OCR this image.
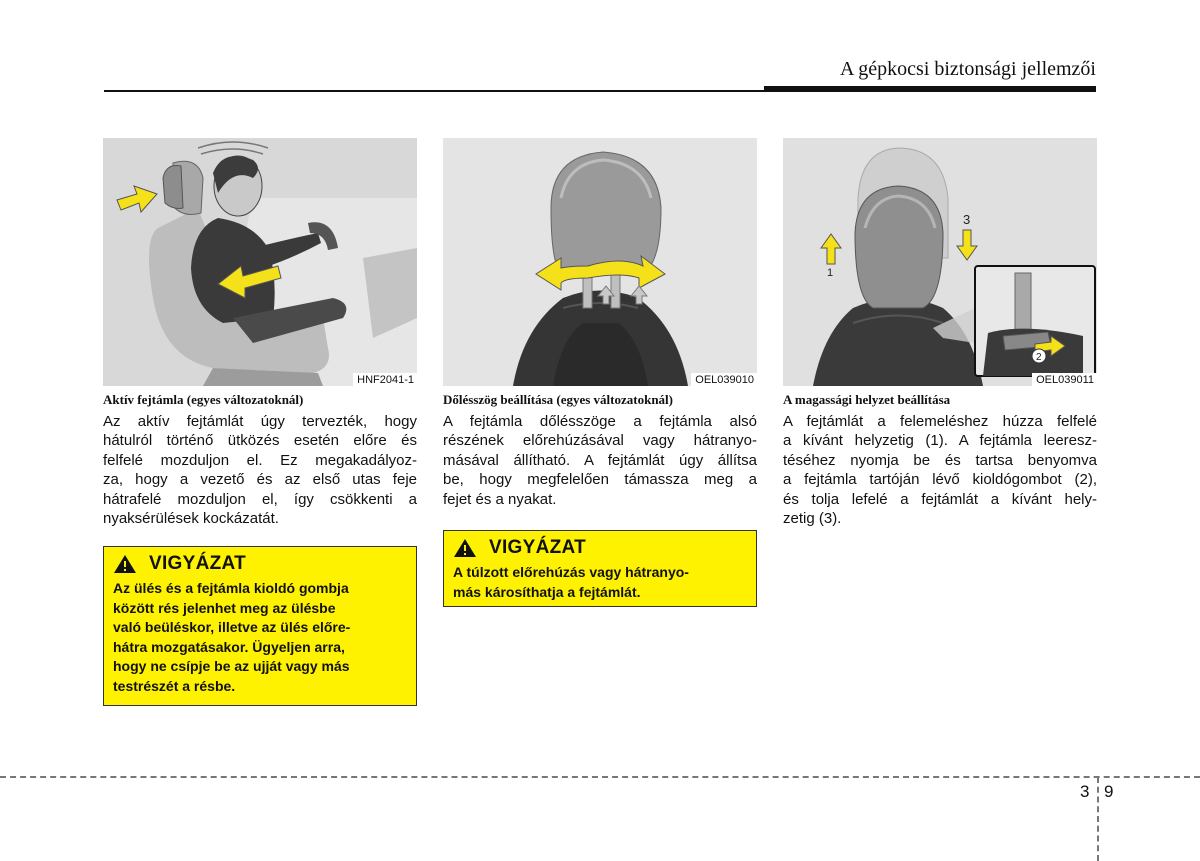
A gépkocsi biztonsági jellemzői
HNF2041-1
Aktív fejtámla (egyes változatoknál)
Az aktív fejtámlát úgy tervezték, hogy
hátulról történő ütközés esetén előre és
felfelé mozduljon el. Ez megakadályoz-
za, hogy a vezető és az első utas feje
hátrafelé mozduljon el, így csökkenti a
nyaksérülések kockázatát.
OEL039010
Dőlésszög beállítása (egyes változatoknál)
A fejtámla dőlésszöge a fejtámla alsó
részének előrehúzásával vagy hátranyo-
másával állítható. A fejtámlát úgy állítsa
be, hogy megfelelően támassza meg a
fejet és a nyakat.
1
3
2
OEL039011
A magassági helyzet beállítása
A fejtámlát a felemeléshez húzza felfelé
a kívánt helyzetig (1). A fejtámla leeresz-
téséhez nyomja be és tartsa benyomva
a fejtámla tartóján lévő kioldógombot (2),
és tolja lefelé a fejtámlát a kívánt hely-
zetig (3).
VIGYÁZAT
Az ülés és a fejtámla kioldó gombja
között rés jelenhet meg az ülésbe
való beüléskor, illetve az ülés előre-
hátra mozgatásakor. Ügyeljen arra,
hogy ne csípje be az ujját vagy más
testrészét a résbe.
VIGYÁZAT
A túlzott előrehúzás vagy hátranyo-
más károsíthatja a fejtámlát.
3 9
